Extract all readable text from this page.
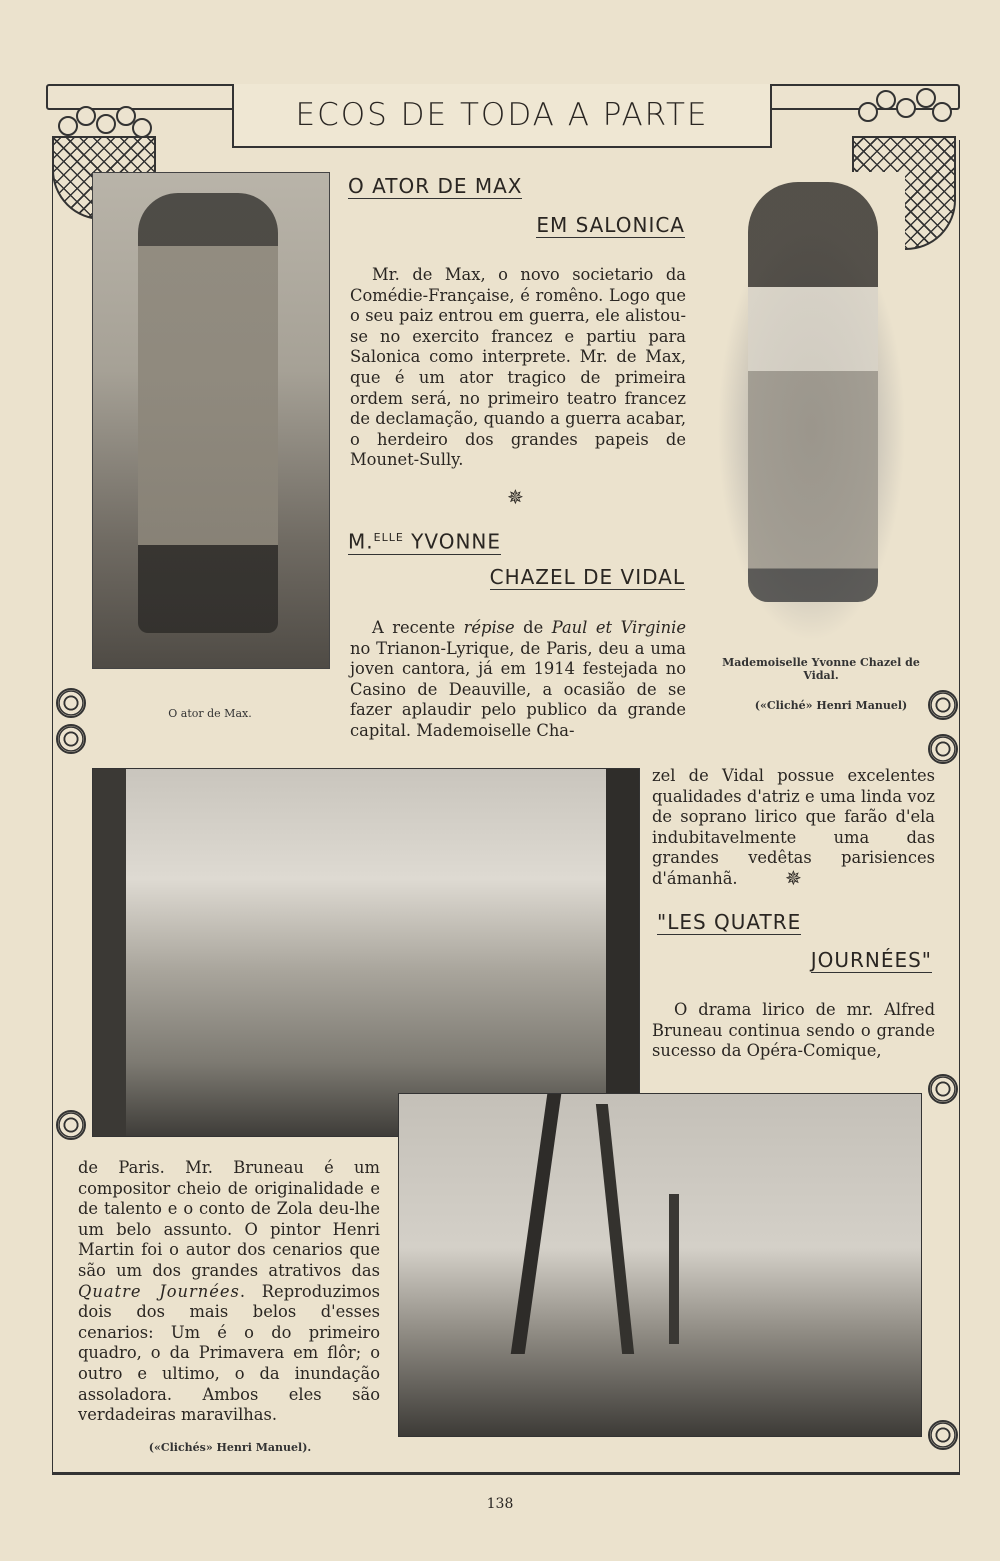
ECOS DE TODA A PARTE
O ator de Max.
O ATOR DE MAX
EM SALONICA

Mr. de Max, o novo societario da Comédie-Française, é romêno. Logo que o seu paiz entrou em guerra, ele alistou-se no exercito francez e partiu para Salonica como interprete. Mr. de Max, que é um ator tragico de primeira ordem será, no primeiro teatro francez de declamação, quando a guerra acabar, o herdeiro dos grandes papeis de Mounet-Sully.

✵
M.$^{ELLE}$ YVONNE
CHAZEL DE VIDAL

A recente répise de Paul et Virginie no Trianon-Lyrique, de Paris, deu a uma joven cantora, já em 1914 festejada no Casino de Deauville, a ocasião de se fazer aplaudir pelo publico da grande capital. Mademoiselle Cha-

Mademoiselle Yvonne Chazel de Vidal.
(«Cliché» Henri Manuel)

zel de Vidal possue excelentes qualidades d'atriz e uma linda voz de soprano lirico que farão d'ela indubitavelmente uma das grandes vedêtas parisiences d'ámanhã.	✵
"LES QUATRE
JOURNÉES"

O drama lirico de mr. Alfred Bruneau continua sendo o grande sucesso da Opéra-Comique,

de Paris. Mr. Bruneau é um compositor cheio de originalidade e de talento e o conto de Zola deu-lhe um belo assunto. O pintor Henri Martin foi o autor dos cenarios que são um dos grandes atrativos das Quatre Journées. Reproduzimos dois dos mais belos d'esses cenarios: Um é o do primeiro quadro, o da Primavera em flôr; o outro e ultimo, o da inundação assoladora. Ambos eles são verdadeiras maravilhas.

(«Clichés» Henri Manuel).
138
